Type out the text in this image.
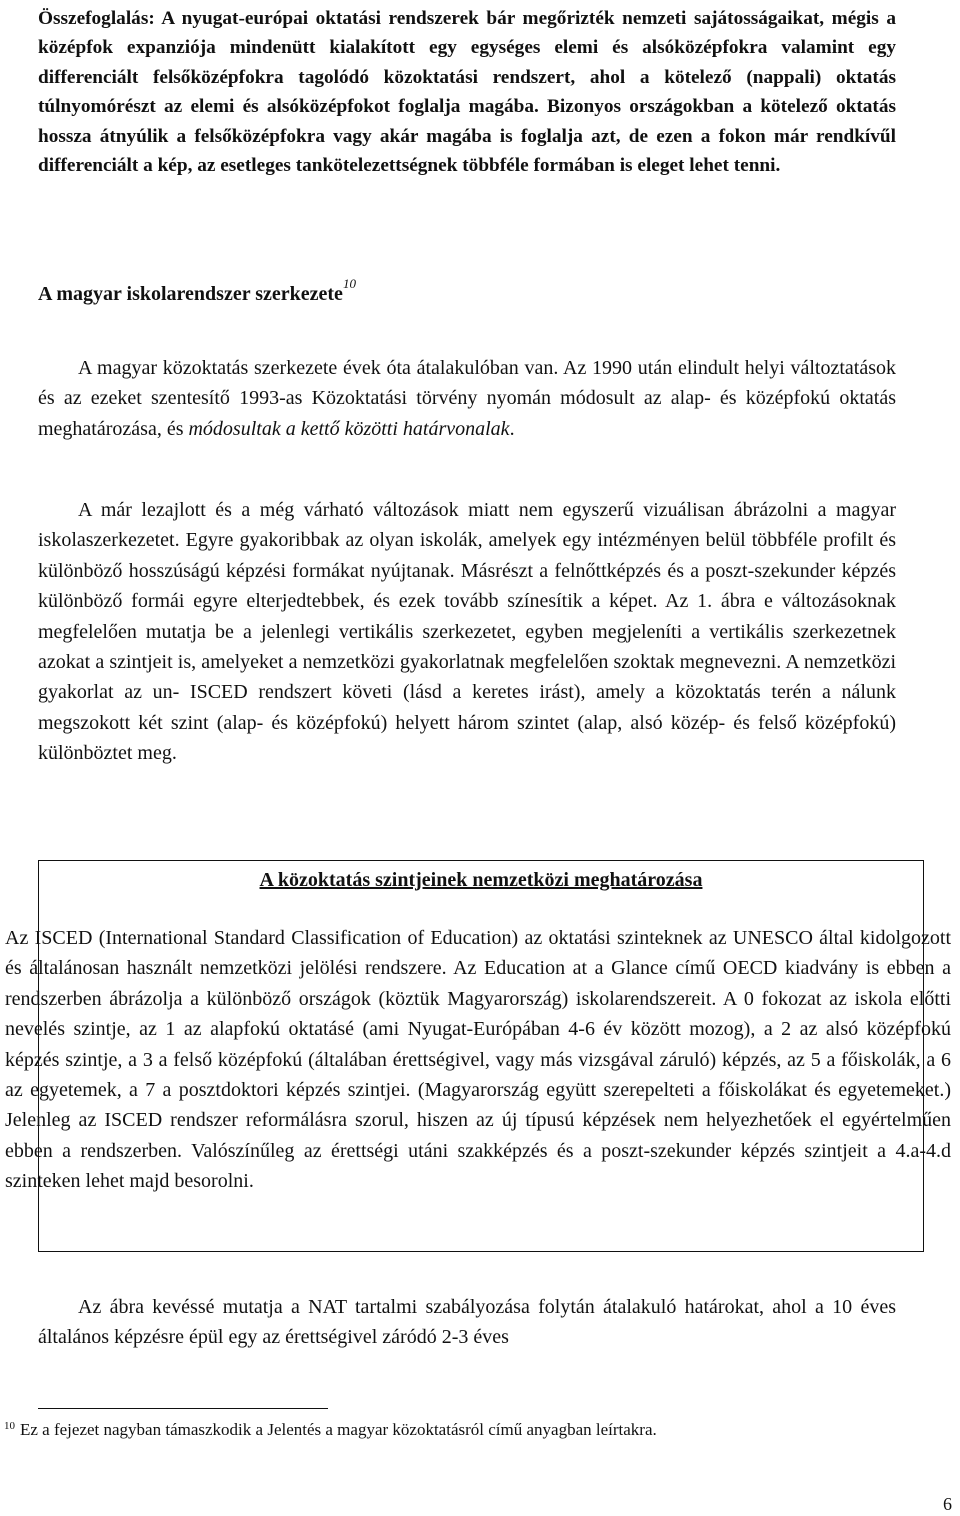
Összefoglalás: A nyugat-európai oktatási rendszerek bár megőrizték nemzeti sajátosságaikat, mégis a középfok expanziója mindenütt kialakított egy egységes elemi és alsóközépfokra valamint egy differenciált felsőközépfokra tagolódó közoktatási rendszert, ahol a kötelező (nappali) oktatás túlnyomórészt az elemi és alsóközépfokot foglalja magába. Bizonyos országokban a kötelező oktatás hossza átnyúlik a felsőközépfokra vagy akár magába is foglalja azt, de ezen a fokon már rendkívűl differenciált a kép, az esetleges tankötelezettségnek többféle formában is eleget lehet tenni.

A magyar iskolarendszer szerkezete$^{10}$

A magyar közoktatás szerkezete évek óta átalakulóban van. Az 1990 után elindult helyi változtatások és az ezeket szentesítő 1993-as Közoktatási törvény nyomán módosult az alap- és középfokú oktatás meghatározása, és módosultak a kettő közötti határvonalak.

A már lezajlott és a még várható változások miatt nem egyszerű vizuálisan ábrázolni a magyar iskolaszerkezetet. Egyre gyakoribbak az olyan iskolák, amelyek egy intézményen belül többféle profilt és különböző hosszúságú képzési formákat nyújtanak. Másrészt a felnőttképzés és a poszt-szekunder képzés különböző formái egyre elterjedtebbek, és ezek tovább színesítik a képet. Az 1. ábra e változásoknak megfelelően mutatja be a jelenlegi vertikális szerkezetet, egyben megjeleníti a vertikális szerkezetnek azokat a szintjeit is, amelyeket a nemzetközi gyakorlatnak megfelelően szoktak megnevezni. A nemzetközi gyakorlat az un- ISCED rendszert követi (lásd a keretes irást), amely a közoktatás terén a nálunk megszokott két szint (alap- és középfokú) helyett három szintet (alap, alsó közép- és felső középfokú) különböztet meg.

A közoktatás szintjeinek nemzetközi meghatározása

Az ISCED (International Standard Classification of Education) az oktatási szinteknek az UNESCO által kidolgozott és általánosan használt nemzetközi jelölési rendszere. Az Education at a Glance című OECD kiadvány is ebben a rendszerben ábrázolja a különböző országok (köztük Magyarország) iskolarendszereit. A 0 fokozat az iskola előtti nevelés szintje, az 1 az alapfokú oktatásé (ami Nyugat-Európában 4-6 év között mozog), a 2 az alsó középfokú képzés szintje, a 3 a felső középfokú (általában érettségivel, vagy más vizsgával záruló) képzés, az 5 a főiskolák, a 6 az egyetemek, a 7 a posztdoktori képzés szintjei. (Magyarország együtt szerepelteti a főiskolákat és egyetemeket.) Jelenleg az ISCED rendszer reformálásra szorul, hiszen az új típusú képzések nem helyezhetőek el egyértelműen ebben a rendszerben. Valószínűleg az érettségi utáni szakképzés és a poszt-szekunder képzés szintjeit a 4.a-4.d szinteken lehet majd besorolni.

Az ábra kevéssé mutatja a NAT tartalmi szabályozása folytán átalakuló határokat, ahol a 10 éves általános képzésre épül egy az érettségivel záródó 2-3 éves

$^{10}$ Ez a fejezet nagyban támaszkodik a Jelentés a magyar közoktatásról című anyagban leírtakra.

6
